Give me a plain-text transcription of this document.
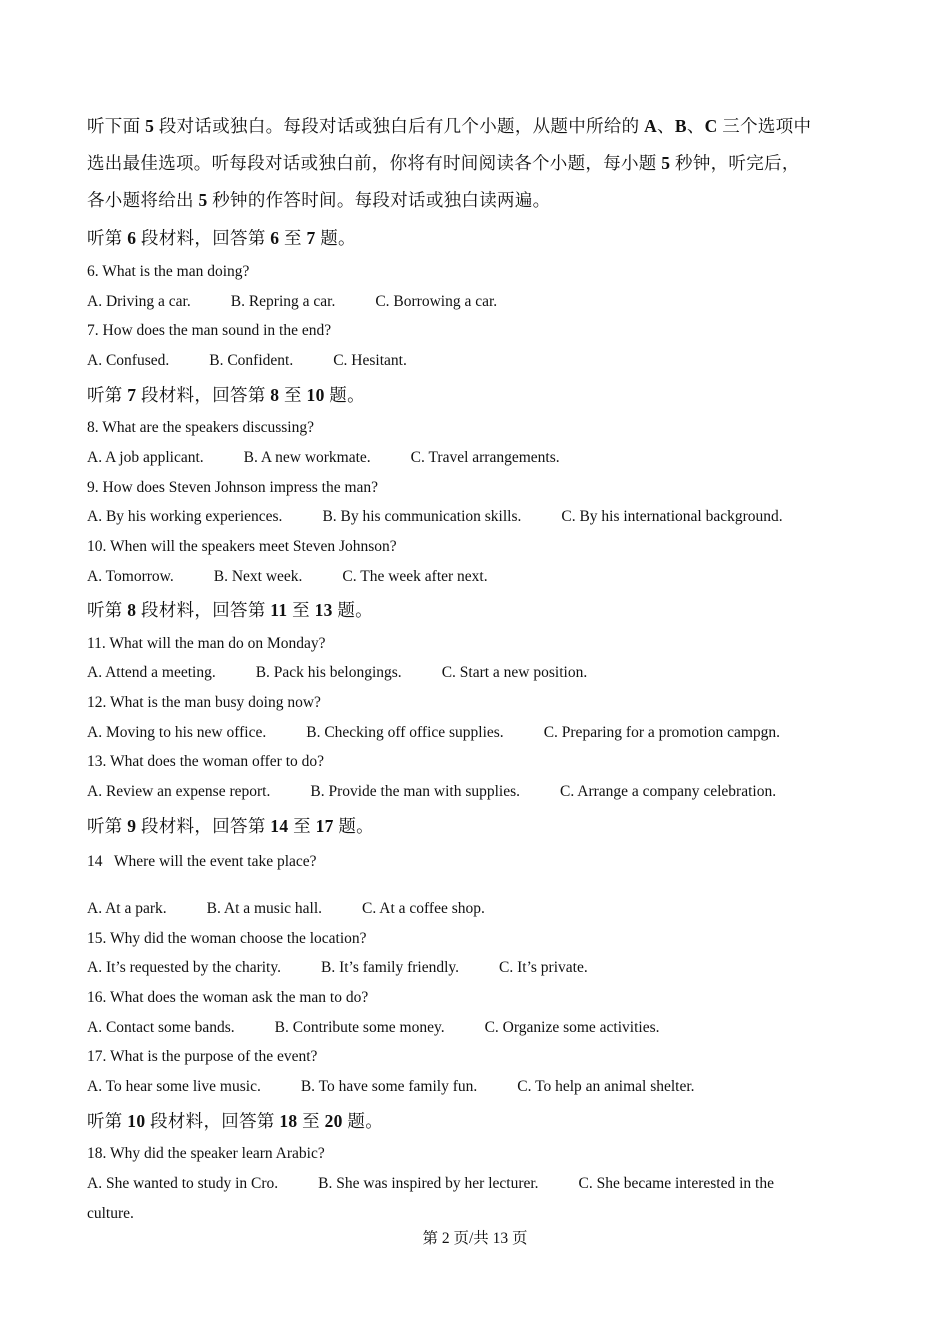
听下面 5 段对话或独白。每段对话或独白后有几个小题，从题中所给的 A、B、C 三个选项中

选出最佳选项。听每段对话或独白前，你将有时间阅读各个小题，每小题 5 秒钟，听完后，

各小题将给出 5 秒钟的作答时间。每段对话或独白读两遍。

听第 6 段材料，回答第 6 至 7 题。

6. What is the man doing?

A. Driving a car.	B. Repring a car.	C. Borrowing a car.

7. How does the man sound in the end?

A. Confused.	B. Confident.	C. Hesitant.

听第 7 段材料，回答第 8 至 10 题。

8. What are the speakers discussing?

A. A job applicant.	B. A new workmate.	C. Travel arrangements.

9. How does Steven Johnson impress the man?

A. By his working experiences.	B. By his communication skills.	C. By his international background.

10. When will the speakers meet Steven Johnson?

A. Tomorrow.	B. Next week.	C. The week after next.

听第 8 段材料，回答第 11 至 13 题。

11. What will the man do on Monday?

A. Attend a meeting.	B. Pack his belongings.	C. Start a new position.

12. What is the man busy doing now?

A. Moving to his new office.	B. Checking off office supplies.	C. Preparing for a promotion campgn.

13. What does the woman offer to do?

A. Review an expense report.	B. Provide the man with supplies.	C. Arrange a company celebration.

听第 9 段材料，回答第 14 至 17 题。

14   Where will the event take place?

A. At a park.	B. At a music hall.	C. At a coffee shop.

15. Why did the woman choose the location?

A. It’s requested by the charity.	B. It’s family friendly.	C. It’s private.

16. What does the woman ask the man to do?

A. Contact some bands.	B. Contribute some money.	C. Organize some activities.

17. What is the purpose of the event?

A. To hear some live music.	B. To have some family fun.	C. To help an animal shelter.

听第 10 段材料，回答第 18 至 20 题。

18. Why did the speaker learn Arabic?

A. She wanted to study in Cro.	B. She was inspired by her lecturer.	C. She became interested in the

culture.

第 2 页/共 13 页
